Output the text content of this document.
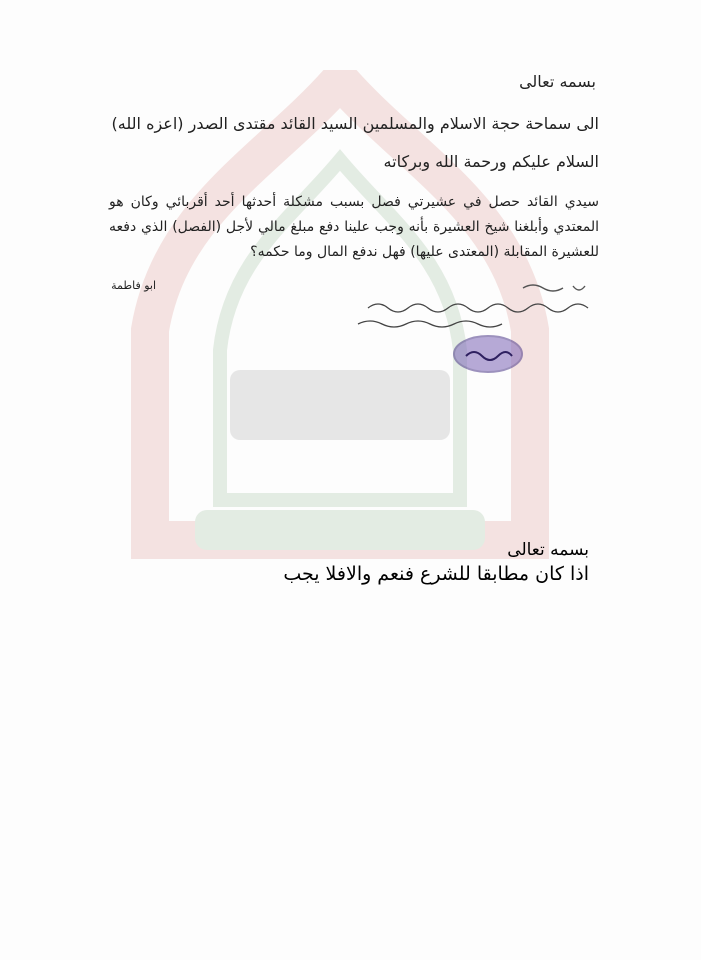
بسمه تعالى
الى سماحة حجة الاسلام والمسلمين السيد القائد مقتدى الصدر (اعزه الله)
السلام عليكم ورحمة الله وبركاته
سيدي القائد حصل في عشيرتي فصل بسبب مشكلة أحدثها أحد أقربائي وكان هو المعتدي وأبلغنا شيخ العشيرة بأنه وجب علينا دفع مبلغ مالي لأجل (الفصل) الذي دفعه للعشيرة المقابلة (المعتدى عليها) فهل ندفع المال وما حكمه؟
ابو فاطمة
بسمه تعالى
اذا كان مطابقا للشرع فنعم والافلا يجب
